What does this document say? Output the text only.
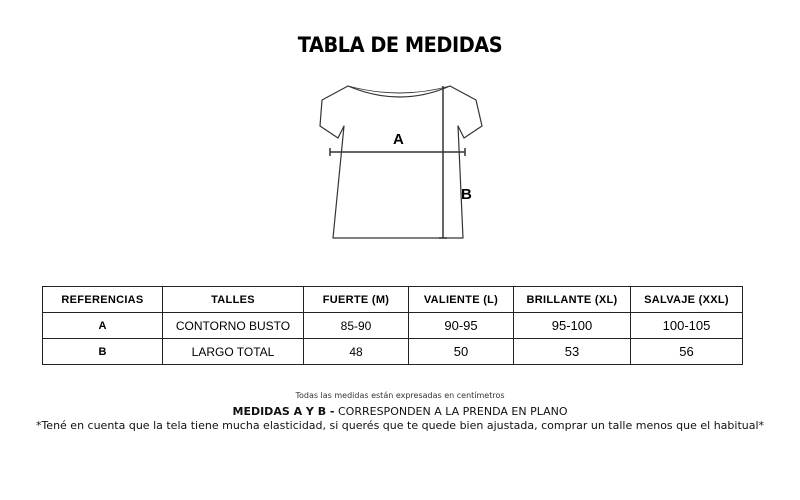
TABLA DE MEDIDAS
A
B
REFERENCIAS	TALLES	FUERTE (M)	VALIENTE (L)	BRILLANTE (XL)	SALVAJE (XXL)
A	CONTORNO BUSTO	85-90	90-95	95-100	100-105
B	LARGO TOTAL	48	50	53	56
Todas las medidas están expresadas en centímetros
MEDIDAS A Y B - CORRESPONDEN A LA PRENDA EN PLANO
*Tené en cuenta que la tela tiene mucha elasticidad, si querés que te quede bien ajustada, comprar un talle menos que el habitual*
